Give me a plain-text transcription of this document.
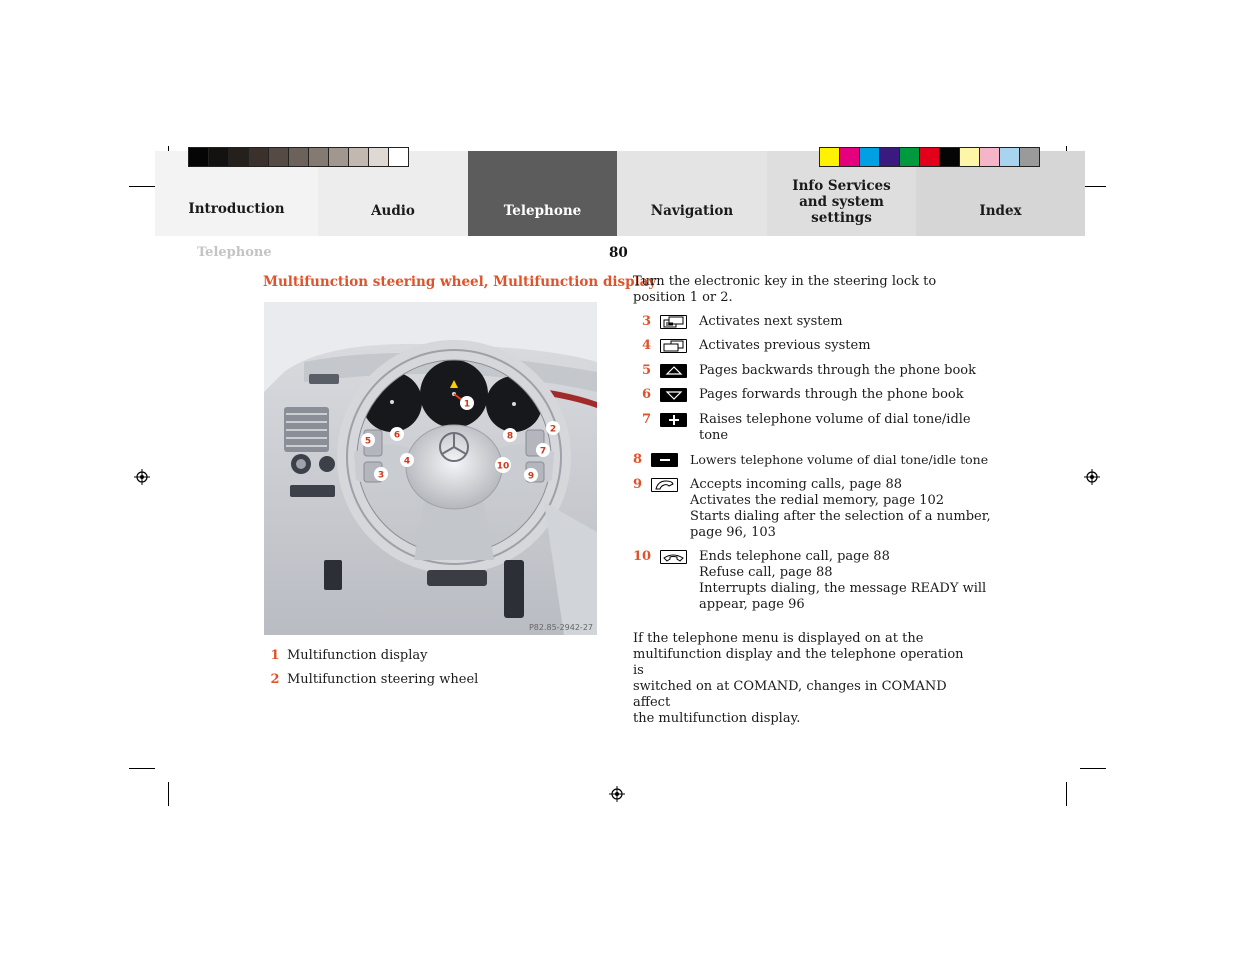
Introduction	Audio	Telephone	Navigation
Info Services and system settings	Index
Telephone	80
Multifunction steering wheel, Multifunction display
1
2
3
4
5
6
7
8
9
10
P82.85-2942-27
1 Multifunction display
2 Multifunction steering wheel
Turn the electronic key in the steering lock to
position 1 or 2.
3	Activates next system
4	Activates previous system
5	Pages backwards through the phone book
6	Pages forwards through the phone book
7	Raises telephone volume of dial tone/idle
tone
8	Lowers telephone volume of dial tone/idle tone
9	Accepts incoming calls, page 88
Activates the redial memory, page 102
Starts dialing after the selection of a number,
page 96, 103
10	Ends telephone call, page 88
Refuse call, page 88
Interrupts dialing, the message READY will
appear, page 96
If the telephone menu is displayed on at the
multifunction display and the telephone operation is
switched on at COMAND, changes in COMAND affect
the multifunction display.
